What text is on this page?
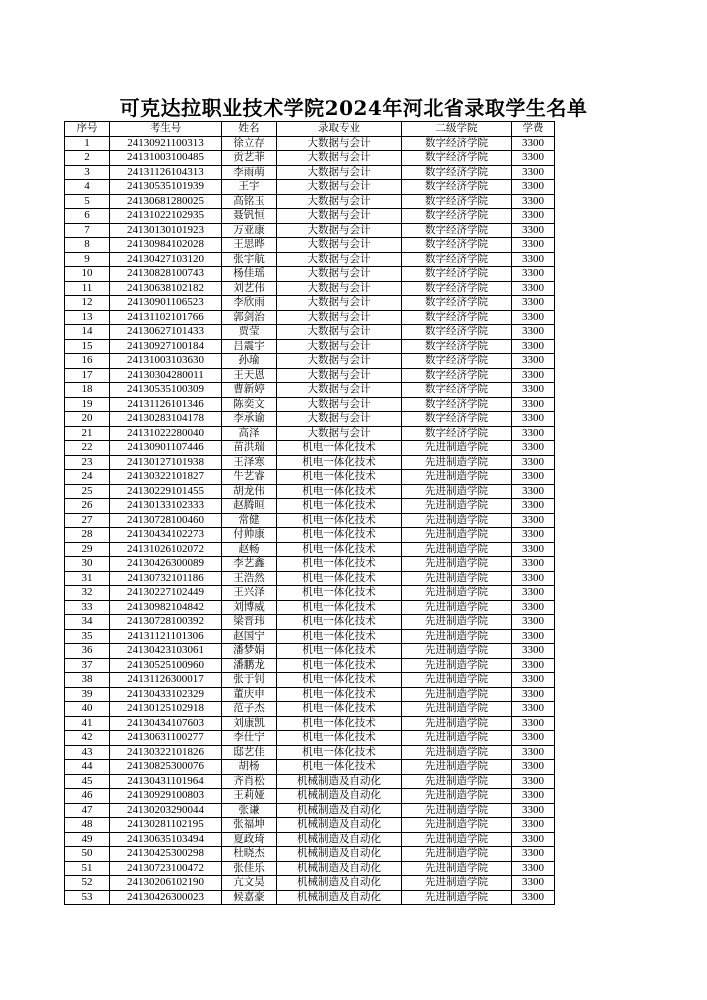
可克达拉职业技术学院2024年河北省录取学生名单
序号	考生号	姓名	录取专业	二级学院	学费
1	24130921100313	徐立存	大数据与会计	数字经济学院	3300
2	24131003100485	贡艺菲	大数据与会计	数字经济学院	3300
3	24131126104313	李雨萌	大数据与会计	数字经济学院	3300
4	24130535101939	王宇	大数据与会计	数字经济学院	3300
5	24130681280025	高铭玉	大数据与会计	数字经济学院	3300
6	24131022102935	聂钒恒	大数据与会计	数字经济学院	3300
7	24130130101923	万亚康	大数据与会计	数字经济学院	3300
8	24130984102028	王思晔	大数据与会计	数字经济学院	3300
9	24130427103120	张宇航	大数据与会计	数字经济学院	3300
10	24130828100743	杨佳瑶	大数据与会计	数字经济学院	3300
11	24130638102182	刘艺伟	大数据与会计	数字经济学院	3300
12	24130901106523	李欣雨	大数据与会计	数字经济学院	3300
13	24131102101766	郭剑治	大数据与会计	数字经济学院	3300
14	24130627101433	贾莹	大数据与会计	数字经济学院	3300
15	24130927100184	吕震宇	大数据与会计	数字经济学院	3300
16	24131003103630	孙瑜	大数据与会计	数字经济学院	3300
17	24130304280011	王天恩	大数据与会计	数字经济学院	3300
18	24130535100309	曹新婷	大数据与会计	数字经济学院	3300
19	24131126101346	陈奕文	大数据与会计	数字经济学院	3300
20	24130283104178	李承谕	大数据与会计	数字经济学院	3300
21	24131022280040	高泽	大数据与会计	数字经济学院	3300
22	24130901107446	苗洪瑞	机电一体化技术	先进制造学院	3300
23	24130127101938	王泽寒	机电一体化技术	先进制造学院	3300
24	24130322101827	牛艺睿	机电一体化技术	先进制造学院	3300
25	24130229101455	胡龙伟	机电一体化技术	先进制造学院	3300
26	24130133102333	赵腾晅	机电一体化技术	先进制造学院	3300
27	24130728100460	常健	机电一体化技术	先进制造学院	3300
28	24130434102273	付帅康	机电一体化技术	先进制造学院	3300
29	24131026102072	赵畅	机电一体化技术	先进制造学院	3300
30	24130426300089	李艺鑫	机电一体化技术	先进制造学院	3300
31	24130732101186	王浩然	机电一体化技术	先进制造学院	3300
32	24130227102449	王兴泽	机电一体化技术	先进制造学院	3300
33	24130982104842	刘博威	机电一体化技术	先进制造学院	3300
34	24130728100392	梁晋玮	机电一体化技术	先进制造学院	3300
35	24131121101306	赵国宁	机电一体化技术	先进制造学院	3300
36	24130423103061	潘梦娟	机电一体化技术	先进制造学院	3300
37	24130525100960	潘鹏龙	机电一体化技术	先进制造学院	3300
38	24131126300017	张于钊	机电一体化技术	先进制造学院	3300
39	24130433102329	董庆申	机电一体化技术	先进制造学院	3300
40	24130125102918	范子杰	机电一体化技术	先进制造学院	3300
41	24130434107603	刘康凯	机电一体化技术	先进制造学院	3300
42	24130631100277	李仕宁	机电一体化技术	先进制造学院	3300
43	24130322101826	邸艺佳	机电一体化技术	先进制造学院	3300
44	24130825300076	胡杨	机电一体化技术	先进制造学院	3300
45	24130431101964	齐肖松	机械制造及自动化	先进制造学院	3300
46	24130929100803	王莉娅	机械制造及自动化	先进制造学院	3300
47	24130203290044	张谦	机械制造及自动化	先进制造学院	3300
48	24130281102195	张福坤	机械制造及自动化	先进制造学院	3300
49	24130635103494	夏政琦	机械制造及自动化	先进制造学院	3300
50	24130425300298	杜晓杰	机械制造及自动化	先进制造学院	3300
51	24130723100472	张佳乐	机械制造及自动化	先进制造学院	3300
52	24130206102190	亢文昊	机械制造及自动化	先进制造学院	3300
53	24130426300023	候嘉豪	机械制造及自动化	先进制造学院	3300
